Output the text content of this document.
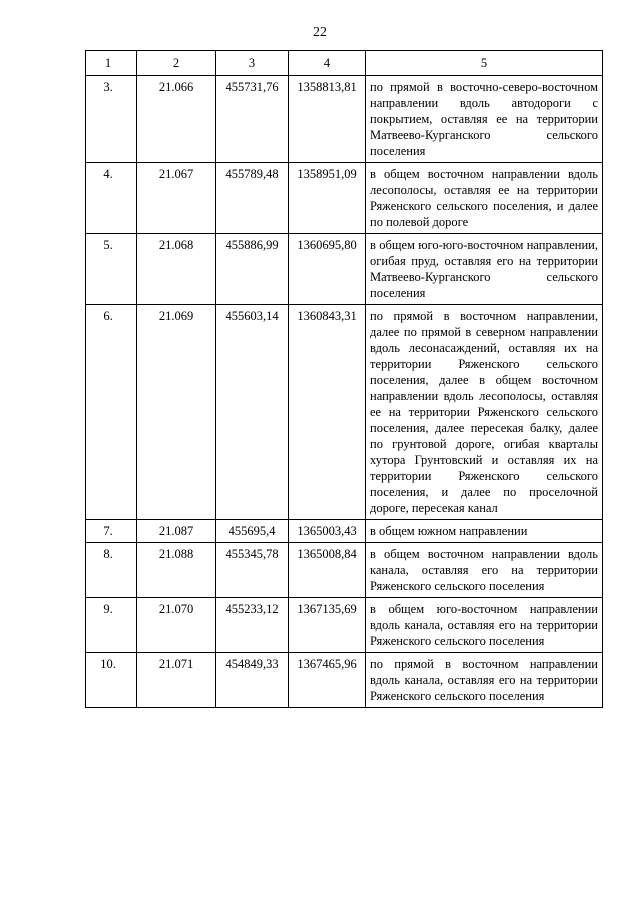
22
1	2	3	4	5
3.	21.066	455731,76	1358813,81	по прямой в восточно-северо-восточном направлении вдоль автодороги с покрытием, оставляя ее на территории Матвеево-Курганского сельского поселения
4.	21.067	455789,48	1358951,09	в общем восточном направлении вдоль лесополосы, оставляя ее на территории Ряженского сельского поселения, и далее по полевой дороге
5.	21.068	455886,99	1360695,80	в общем юго-юго-восточном направлении, огибая пруд, оставляя его на территории Матвеево-Курганского сельского поселения
6.	21.069	455603,14	1360843,31	по прямой в восточном направлении, далее по прямой в северном направлении вдоль лесонасаждений, оставляя их на территории Ряженского сельского поселения, далее в общем восточном направлении вдоль лесополосы, оставляя ее на территории Ряженского сельского поселения, далее пересекая балку, далее по грунтовой дороге, огибая кварталы хутора Грунтовский и оставляя их на территории Ряженского сельского поселения, и далее по проселочной дороге, пересекая канал
7.	21.087	455695,4	1365003,43	в общем южном направлении
8.	21.088	455345,78	1365008,84	в общем восточном направлении вдоль канала, оставляя его на территории Ряженского сельского поселения
9.	21.070	455233,12	1367135,69	в общем юго-восточном направлении вдоль канала, оставляя его на территории Ряженского сельского поселения
10.	21.071	454849,33	1367465,96	по прямой в восточном направлении вдоль канала, оставляя его на территории Ряженского сельского поселения
